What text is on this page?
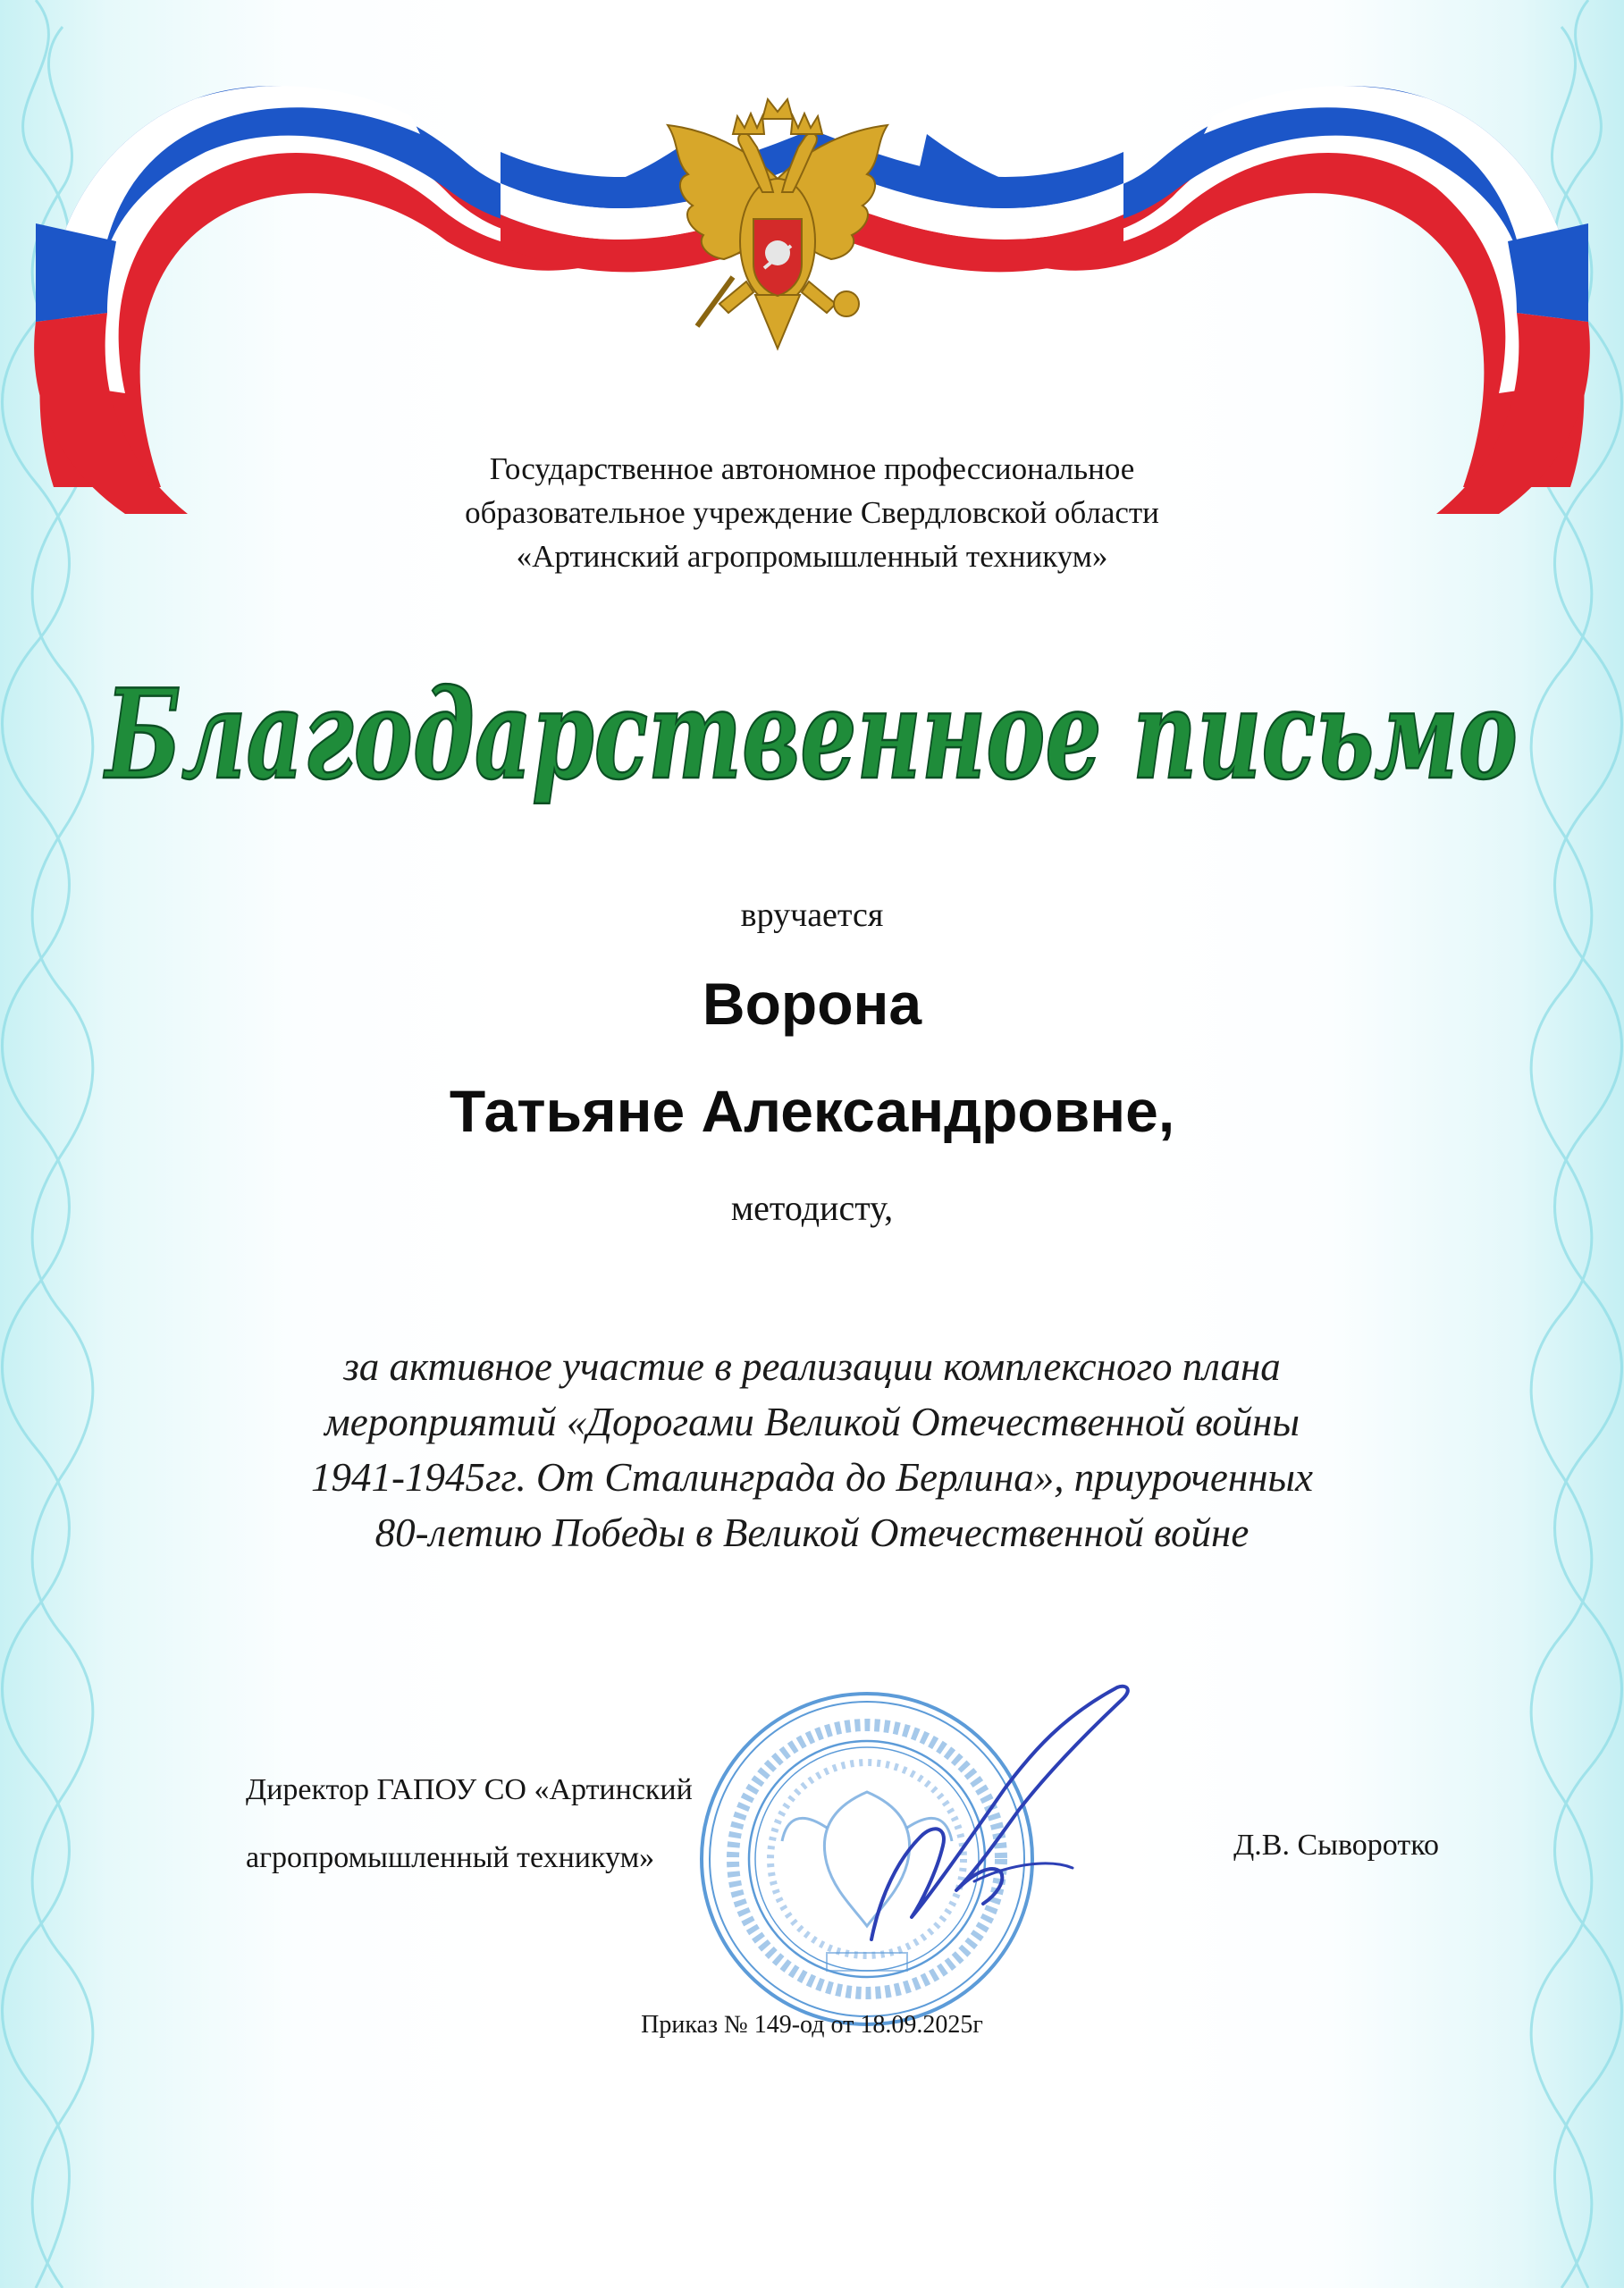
Государственное автономное профессиональное
образовательное учреждение Свердловской области
«Артинский агропромышленный техникум»
Благодарственное письмо
вручается
Ворона
Татьяне Александровне,
методисту,
за активное участие в реализации комплексного плана
мероприятий «Дорогами Великой Отечественной войны
1941-1945гг. От Сталинграда до Берлина», приуроченных
80-летию Победы в Великой Отечественной войне
Директор ГАПОУ СО «Артинский
агропромышленный техникум»	Д.В. Сыворотко
Приказ № 149-од от 18.09.2025г
